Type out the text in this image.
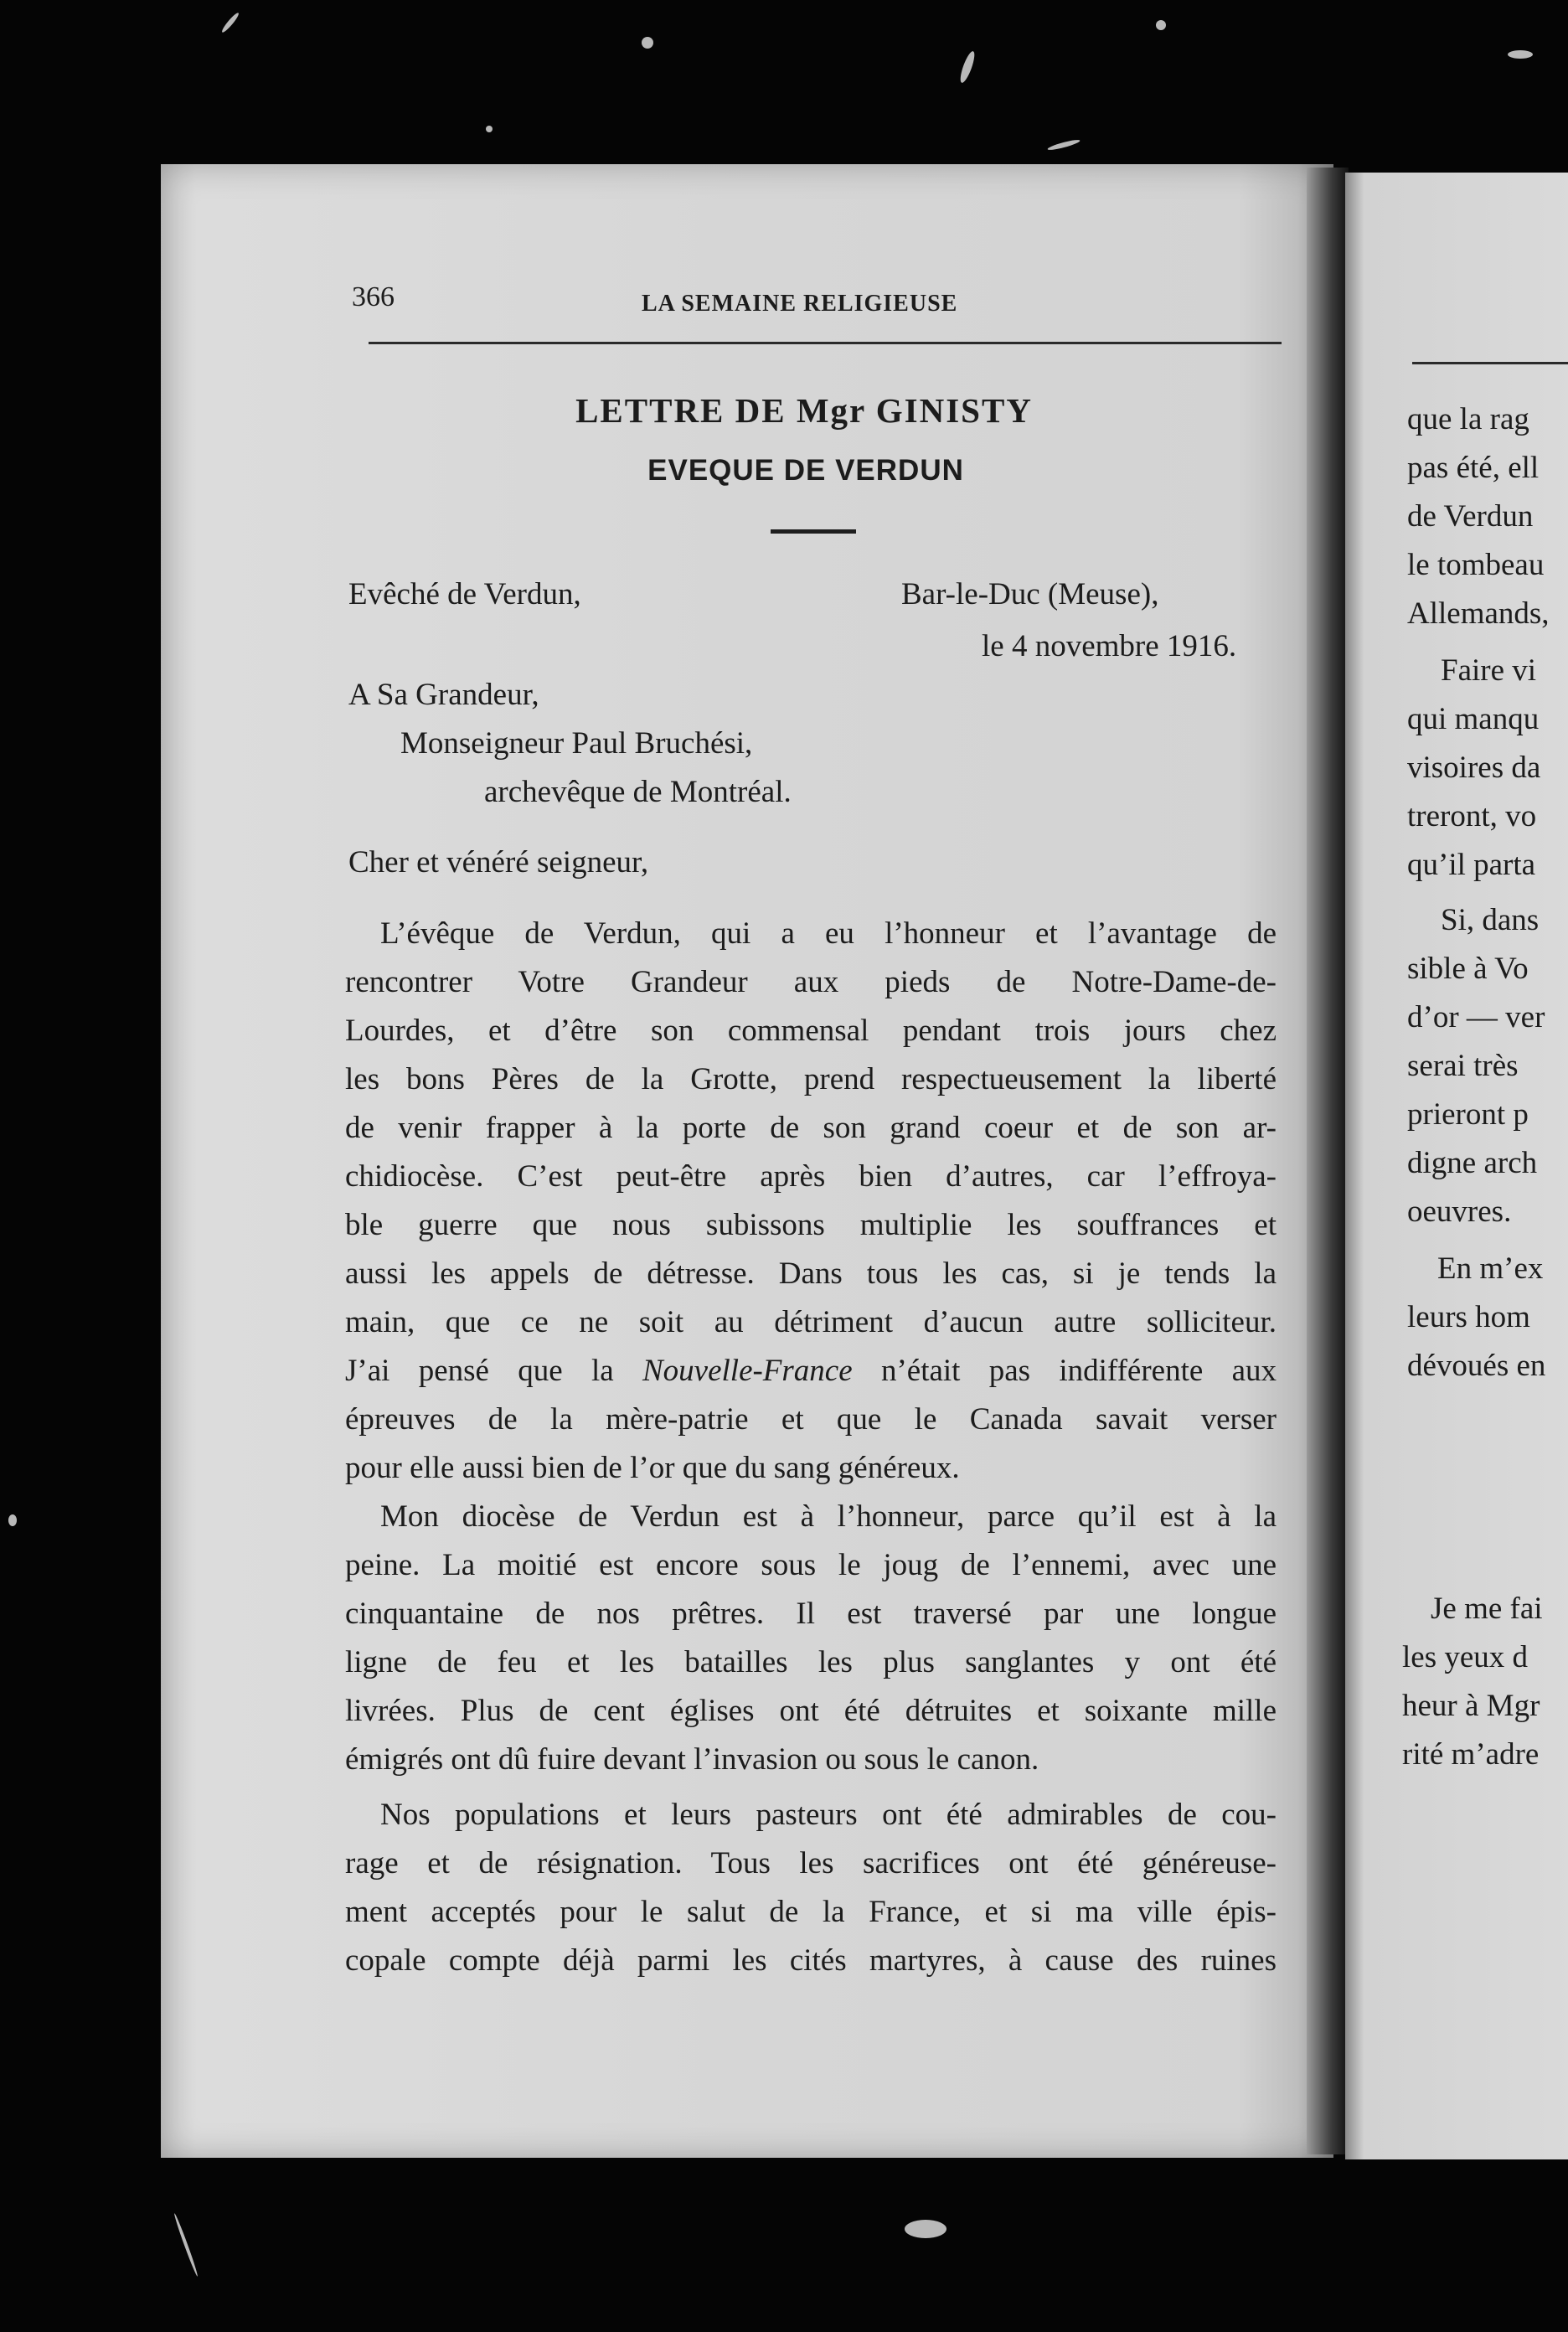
366	LA SEMAINE RELIGIEUSE
LETTRE DE Mgr GINISTY
EVEQUE DE VERDUN
Evêché de Verdun,	Bar-le-Duc (Meuse),
le 4 novembre 1916.
A Sa Grandeur,
Monseigneur Paul Bruchési,
archevêque de Montréal.
Cher et vénéré seigneur,
L’évêque de Verdun, qui a eu l’honneur et l’avantage de
rencontrer Votre Grandeur aux pieds de Notre-Dame-de-
Lourdes, et d’être son commensal pendant trois jours chez
les bons Pères de la Grotte, prend respectueusement la liberté
de venir frapper à la porte de son grand coeur et de son ar-
chidiocèse. C’est peut-être après bien d’autres, car l’effroya-
ble guerre que nous subissons multiplie les souffrances et
aussi les appels de détresse. Dans tous les cas, si je tends la
main, que ce ne soit au détriment d’aucun autre solliciteur.
J’ai pensé que la Nouvelle-France n’était pas indifférente aux
épreuves de la mère-patrie et que le Canada savait verser
pour elle aussi bien de l’or que du sang généreux.
Mon diocèse de Verdun est à l’honneur, parce qu’il est à la
peine. La moitié est encore sous le joug de l’ennemi, avec une
cinquantaine de nos prêtres. Il est traversé par une longue
ligne de feu et les batailles les plus sanglantes y ont été
livrées. Plus de cent églises ont été détruites et soixante mille
émigrés ont dû fuire devant l’invasion ou sous le canon.
Nos populations et leurs pasteurs ont été admirables de cou-
rage et de résignation. Tous les sacrifices ont été généreuse-
ment acceptés pour le salut de la France, et si ma ville épis-
copale compte déjà parmi les cités martyres, à cause des ruines
que la rag
pas été, ell
de Verdun
le tombeau
Allemands,
Faire vi
qui manqu
visoires da
treront, vo
qu’il parta
Si, dans
sible à Vo
d’or — ver
serai très
prieront p
digne arch
oeuvres.
En m’ex
leurs hom
dévoués en
Je me fai
les yeux d
heur à Mgr
rité m’adre
